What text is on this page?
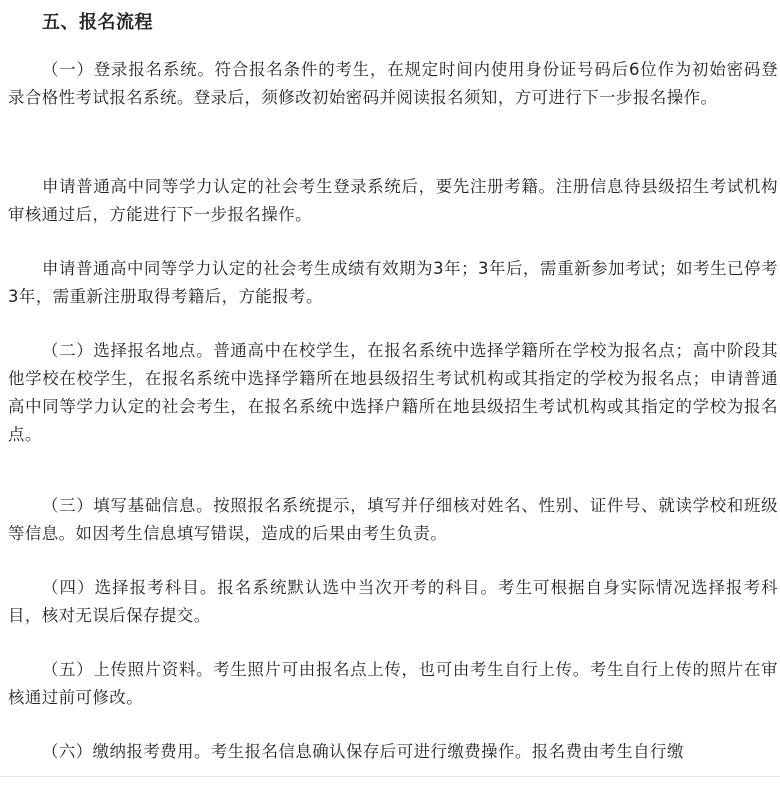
五、报名流程

（一）登录报名系统。符合报名条件的考生，在规定时间内使用身份证号码后6位作为初始密码登录合格性考试报名系统。登录后，须修改初始密码并阅读报名须知，方可进行下一步报名操作。

申请普通高中同等学力认定的社会考生登录系统后，要先注册考籍。注册信息待县级招生考试机构审核通过后，方能进行下一步报名操作。

申请普通高中同等学力认定的社会考生成绩有效期为3年；3年后，需重新参加考试；如考生已停考3年，需重新注册取得考籍后，方能报考。

（二）选择报名地点。普通高中在校学生，在报名系统中选择学籍所在学校为报名点；高中阶段其他学校在校学生，在报名系统中选择学籍所在地县级招生考试机构或其指定的学校为报名点；申请普通高中同等学力认定的社会考生，在报名系统中选择户籍所在地县级招生考试机构或其指定的学校为报名点。

（三）填写基础信息。按照报名系统提示，填写并仔细核对姓名、性别、证件号、就读学校和班级等信息。如因考生信息填写错误，造成的后果由考生负责。

（四）选择报考科目。报名系统默认选中当次开考的科目。考生可根据自身实际情况选择报考科目，核对无误后保存提交。

（五）上传照片资料。考生照片可由报名点上传，也可由考生自行上传。考生自行上传的照片在审核通过前可修改。

（六）缴纳报考费用。考生报名信息确认保存后可进行缴费操作。报名费由考生自行缴
